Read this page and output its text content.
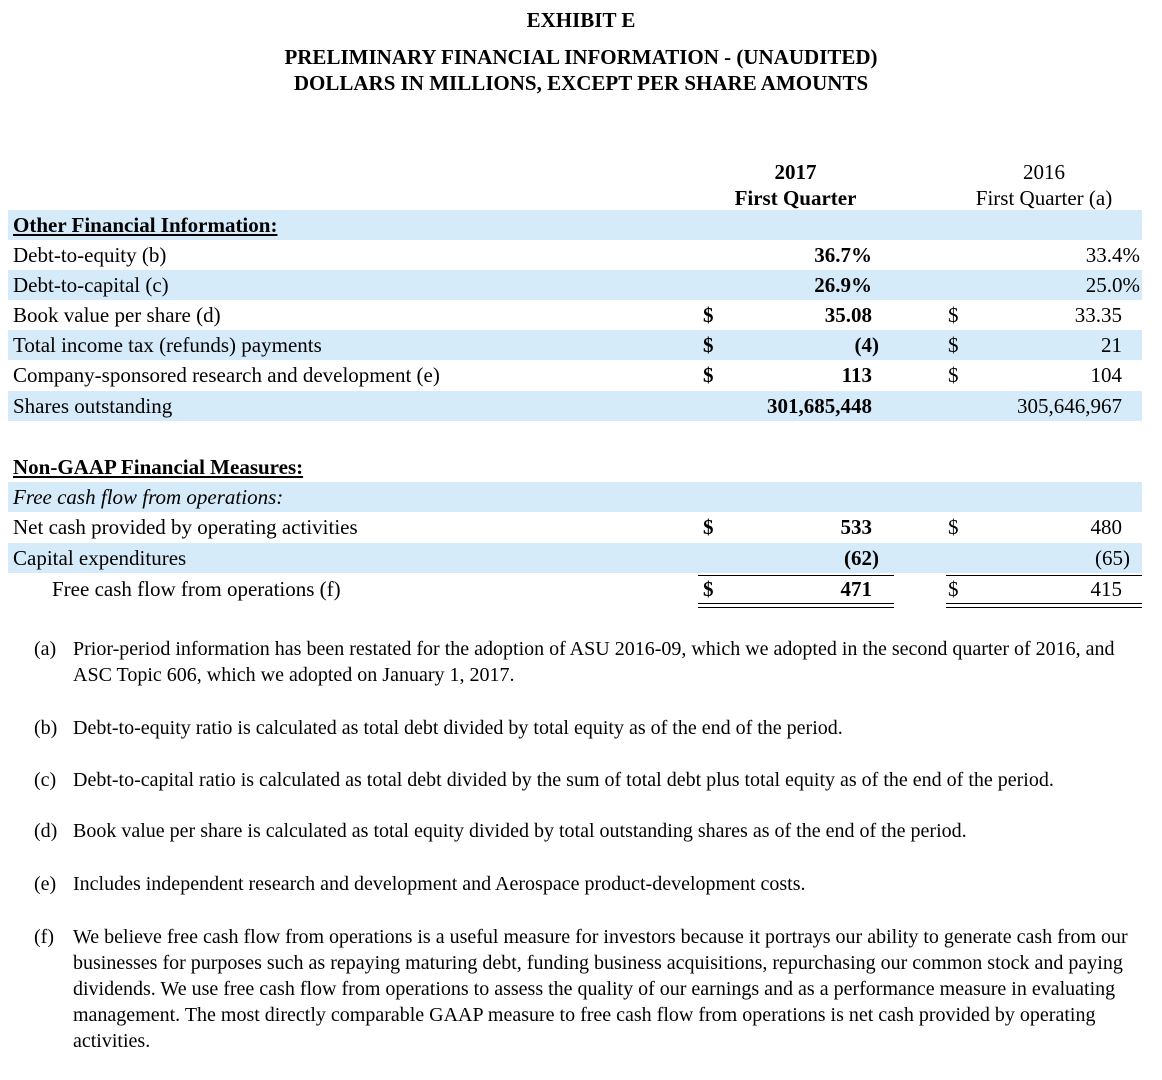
EXHIBIT E
PRELIMINARY FINANCIAL INFORMATION - (UNAUDITED)
DOLLARS IN MILLIONS, EXCEPT PER SHARE AMOUNTS
2017
First Quarter
2016
First Quarter (a)
Other Financial Information:
Debt-to-equity (b)	36.7%	33.4%
Debt-to-capital (c)	26.9%	25.0%
Book value per share (d)	$	35.08	$	33.35
Total income tax (refunds) payments	$	(4)	$	21
Company-sponsored research and development (e)	$	113	$	104
Shares outstanding	301,685,448	305,646,967
Non-GAAP Financial Measures:
Free cash flow from operations:
Net cash provided by operating activities	$	533	$	480
Capital expenditures	(62)	(65)
Free cash flow from operations (f)	$	471	$	415
(a) Prior-period information has been restated for the adoption of ASU 2016-09, which we adopted in the second quarter of 2016, and ASC Topic 606, which we adopted on January 1, 2017.
(b) Debt-to-equity ratio is calculated as total debt divided by total equity as of the end of the period.
(c) Debt-to-capital ratio is calculated as total debt divided by the sum of total debt plus total equity as of the end of the period.
(d) Book value per share is calculated as total equity divided by total outstanding shares as of the end of the period.
(e) Includes independent research and development and Aerospace product-development costs.
(f) We believe free cash flow from operations is a useful measure for investors because it portrays our ability to generate cash from our businesses for purposes such as repaying maturing debt, funding business acquisitions, repurchasing our common stock and paying dividends. We use free cash flow from operations to assess the quality of our earnings and as a performance measure in evaluating management. The most directly comparable GAAP measure to free cash flow from operations is net cash provided by operating activities.
